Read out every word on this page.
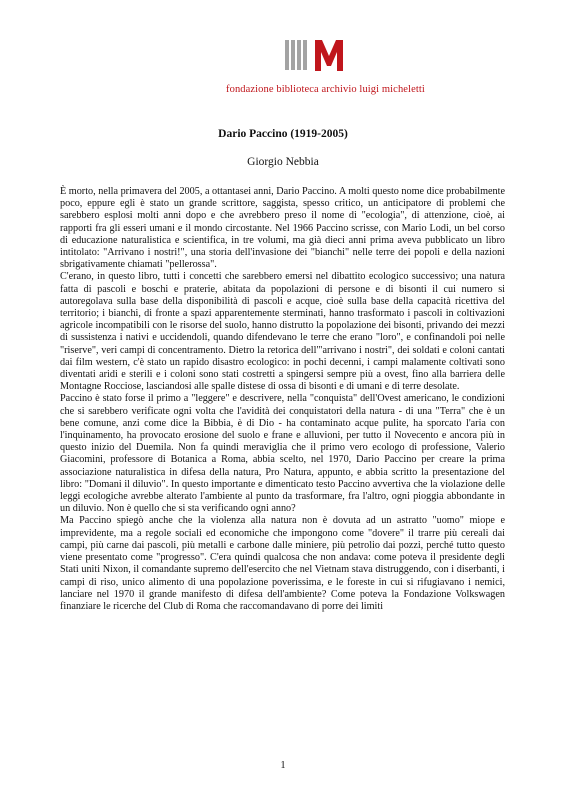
fondazione biblioteca archivio luigi micheletti
Dario Paccino (1919-2005)
Giorgio Nebbia

È morto, nella primavera del 2005, a ottantasei anni, Dario Paccino. A molti questo nome dice probabilmente poco, eppure egli è stato un grande scrittore, saggista, spesso critico, un anticipatore di problemi che sarebbero esplosi molti anni dopo e che avrebbero preso il nome di "ecologia", di attenzione, cioè, ai rapporti fra gli esseri umani e il mondo circostante. Nel 1966 Paccino scrisse, con Mario Lodi, un bel corso di educazione naturalistica e scientifica, in tre volumi, ma già dieci anni prima aveva pubblicato un libro intitolato: "Arrivano i nostri!", una storia dell'invasione dei "bianchi" nelle terre dei popoli e della nazioni sbrigativamente chiamati "pellerossa".

C'erano, in questo libro, tutti i concetti che sarebbero emersi nel dibattito ecologico successivo; una natura fatta di pascoli e boschi e praterie, abitata da popolazioni di persone e di bisonti il cui numero si autoregolava sulla base della disponibilità di pascoli e acque, cioè sulla base della capacità ricettiva del territorio; i bianchi, di fronte a spazi apparentemente sterminati, hanno trasformato i pascoli in coltivazioni agricole incompatibili con le risorse del suolo, hanno distrutto la popolazione dei bisonti, privando dei mezzi di sussistenza i nativi e uccidendoli, quando difendevano le terre che erano "loro", e confinandoli poi nelle "riserve", veri campi di concentramento. Dietro la retorica dell'"arrivano i nostri", dei soldati e coloni cantati dai film western, c'è stato un rapido disastro ecologico: in pochi decenni, i campi malamente coltivati sono diventati aridi e sterili e i coloni sono stati costretti a spingersi sempre più a ovest, fino alla barriera delle Montagne Rocciose, lasciandosi alle spalle distese di ossa di bisonti e di umani e di terre desolate.

Paccino è stato forse il primo a "leggere" e descrivere, nella "conquista" dell'Ovest americano, le condizioni che si sarebbero verificate ogni volta che l'avidità dei conquistatori della natura - di una "Terra" che è un bene comune, anzi come dice la Bibbia, è di Dio - ha contaminato acque pulite, ha sporcato l'aria con l'inquinamento, ha provocato erosione del suolo e frane e alluvioni, per tutto il Novecento e ancora più in questo inizio del Duemila. Non fa quindi meraviglia che il primo vero ecologo di professione, Valerio Giacomini, professore di Botanica a Roma, abbia scelto, nel 1970, Dario Paccino per creare la prima associazione naturalistica in difesa della natura, Pro Natura, appunto, e abbia scritto la presentazione del libro: "Domani il diluvio". In questo importante e dimenticato testo Paccino avvertiva che la violazione delle leggi ecologiche avrebbe alterato l'ambiente al punto da trasformare, fra l'altro, ogni pioggia abbondante in un diluvio. Non è quello che si sta verificando ogni anno?

Ma Paccino spiegò anche che la violenza alla natura non è dovuta ad un astratto "uomo" miope e imprevidente, ma a regole sociali ed economiche che impongono come "dovere" il trarre più cereali dai campi, più carne dai pascoli, più metalli e carbone dalle miniere, più petrolio dai pozzi, perché tutto questo viene presentato come "progresso". C'era quindi qualcosa che non andava: come poteva il presidente degli Stati uniti Nixon, il comandante supremo dell'esercito che nel Vietnam stava distruggendo, con i diserbanti, i campi di riso, unico alimento di una popolazione poverissima, e le foreste in cui si rifugiavano i nemici, lanciare nel 1970 il grande manifesto di difesa dell'ambiente? Come poteva la Fondazione Volkswagen finanziare le ricerche del Club di Roma che raccomandavano di porre dei limiti

1
